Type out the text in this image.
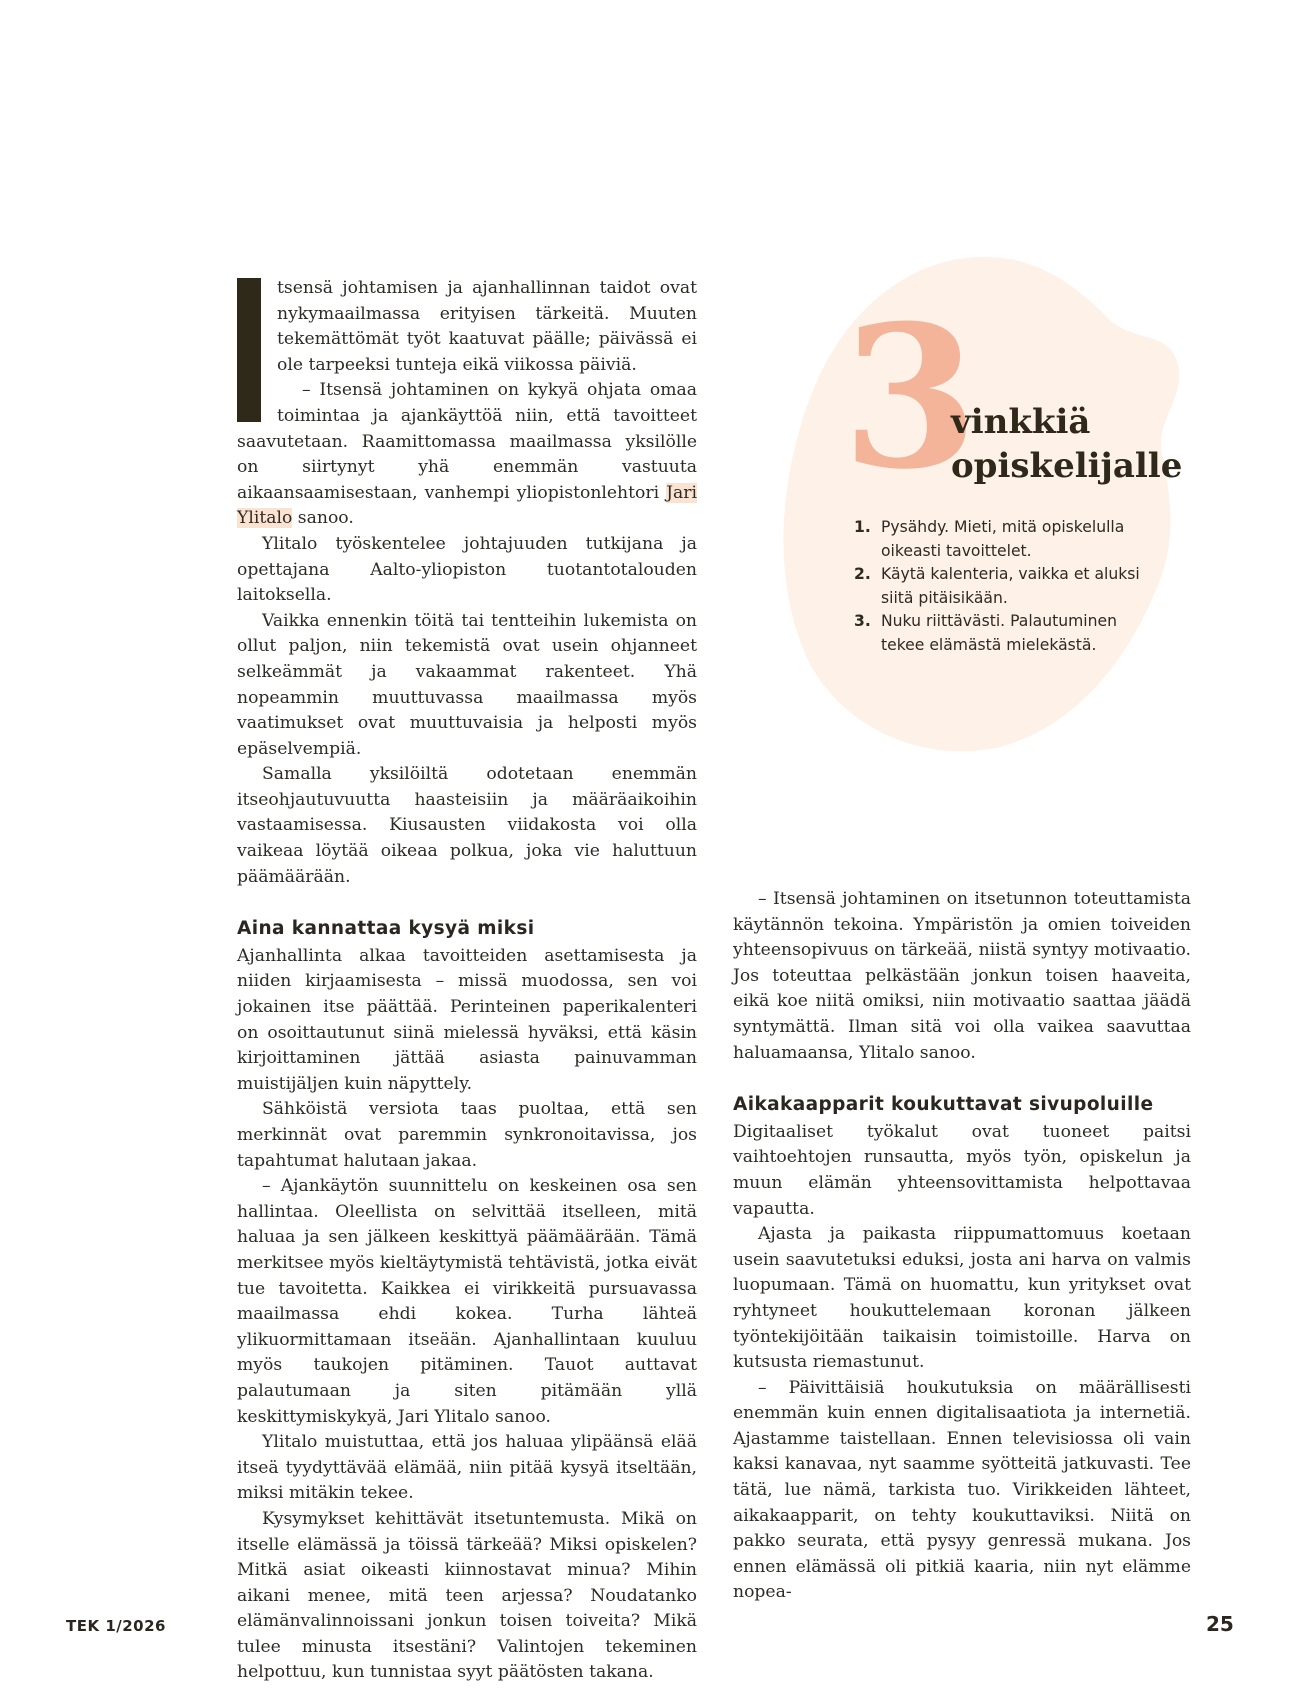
3
vinkkiä
opiskelijalle
1. Pysähdy. Mieti, mitä opiskelulla oikeasti tavoittelet.
2. Käytä kalenteria, vaikka et aluksi siitä pitäisikään.
3. Nuku riittävästi. Palautuminen tekee elämästä mielekästä.

tsensä johtamisen ja ajanhallinnan taidot ovat nykymaailmassa erityisen tärkeitä. Muuten tekemättömät työt kaatuvat päälle; päivässä ei ole tarpeeksi tunteja eikä viikossa päiviä.

– Itsensä johtaminen on kykyä ohjata omaa toimintaa ja ajankäyttöä niin, että tavoitteet saavutetaan. Raamittomassa maailmassa yksilölle on siirtynyt yhä enemmän vastuuta aikaansaamisestaan, vanhempi yliopistonlehtori Jari Ylitalo sanoo.

Ylitalo työskentelee johtajuuden tutkijana ja opettajana Aalto-yliopiston tuotantotalouden laitoksella.

Vaikka ennenkin töitä tai tentteihin lukemista on ollut paljon, niin tekemistä ovat usein ohjanneet selkeämmät ja vakaammat rakenteet. Yhä nopeammin muuttuvassa maailmassa myös vaatimukset ovat muuttuvaisia ja helposti myös epäselvempiä.

Samalla yksilöiltä odotetaan enemmän itseohjautuvuutta haasteisiin ja määräaikoihin vastaamisessa. Kiusausten viidakosta voi olla vaikeaa löytää oikeaa polkua, joka vie haluttuun päämäärään.

Aina kannattaa kysyä miksi

Ajanhallinta alkaa tavoitteiden asettamisesta ja niiden kirjaamisesta – missä muodossa, sen voi jokainen itse päättää. Perinteinen paperikalenteri on osoittautunut siinä mielessä hyväksi, että käsin kirjoittaminen jättää asiasta painuvamman muistijäljen kuin näpyttely.

Sähköistä versiota taas puoltaa, että sen merkinnät ovat paremmin synkronoitavissa, jos tapahtumat halutaan jakaa.

– Ajankäytön suunnittelu on keskeinen osa sen hallintaa. Oleellista on selvittää itselleen, mitä haluaa ja sen jälkeen keskittyä päämäärään. Tämä merkitsee myös kieltäytymistä tehtävistä, jotka eivät tue tavoitetta. Kaikkea ei virikkeitä pursuavassa maailmassa ehdi kokea. Turha lähteä ylikuormittamaan itseään. Ajanhallintaan kuuluu myös taukojen pitäminen. Tauot auttavat palautumaan ja siten pitämään yllä keskittymiskykyä, Jari Ylitalo sanoo.

Ylitalo muistuttaa, että jos haluaa ylipäänsä elää itseä tyydyttävää elämää, niin pitää kysyä itseltään, miksi mitäkin tekee.

Kysymykset kehittävät itsetuntemusta. Mikä on itselle elämässä ja töissä tärkeää? Miksi opiskelen? Mitkä asiat oikeasti kiinnostavat minua? Mihin aikani menee, mitä teen arjessa? Noudatanko elämänvalinnoissani jonkun toisen toiveita? Mikä tulee minusta itsestäni? Valintojen tekeminen helpottuu, kun tunnistaa syyt päätösten takana.

– Itsensä johtaminen on itsetunnon toteuttamista käytännön tekoina. Ympäristön ja omien toiveiden yhteensopivuus on tärkeää, niistä syntyy motivaatio. Jos toteuttaa pelkästään jonkun toisen haaveita, eikä koe niitä omiksi, niin motivaatio saattaa jäädä syntymättä. Ilman sitä voi olla vaikea saavuttaa haluamaansa, Ylitalo sanoo.

Aikakaapparit koukuttavat sivupoluille

Digitaaliset työkalut ovat tuoneet paitsi vaihtoehtojen runsautta, myös työn, opiskelun ja muun elämän yhteensovittamista helpottavaa vapautta.

Ajasta ja paikasta riippumattomuus koetaan usein saavutetuksi eduksi, josta ani harva on valmis luopumaan. Tämä on huomattu, kun yritykset ovat ryhtyneet houkuttelemaan koronan jälkeen työntekijöitään taikaisin toimistoille. Harva on kutsusta riemastunut.

– Päivittäisiä houkutuksia on määrällisesti enemmän kuin ennen digitalisaatiota ja internetiä. Ajastamme taistellaan. Ennen televisiossa oli vain kaksi kanavaa, nyt saamme syötteitä jatkuvasti. Tee tätä, lue nämä, tarkista tuo. Virikkeiden lähteet, aikakaapparit, on tehty koukuttaviksi. Niitä on pakko seurata, että pysyy genressä mukana. Jos ennen elämässä oli pitkiä kaaria, niin nyt elämme nopea-

TEK 1/2026	25
